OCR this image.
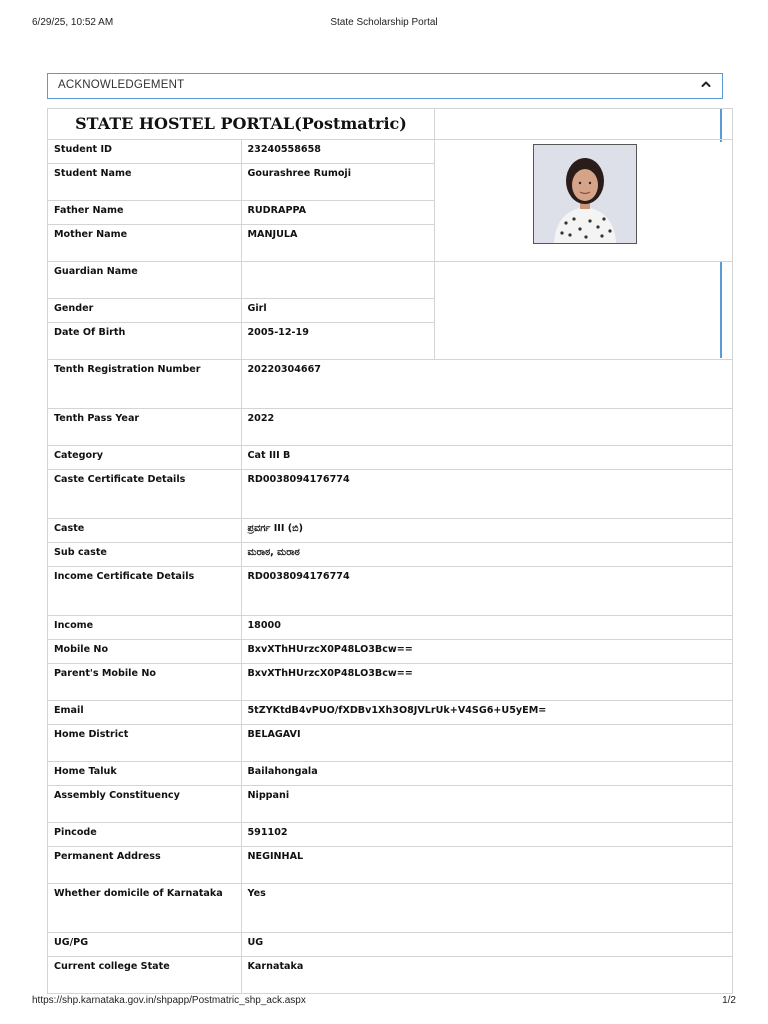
6/29/25, 10:52 AM	State Scholarship Portal
ACKNOWLEDGEMENT
STATE HOSTEL PORTAL(Postmatric)		

Student ID	23240558658	

Student Name	Gourashree Rumoji	
Father Name	RUDRAPPA	
Mother Name	MANJULA	
Guardian Name		
Gender	Girl	
Date Of Birth	2005-12-19	
Tenth Registration Number	20220304667	
Tenth Pass Year	2022	
Category	Cat III B	
Caste Certificate Details	RD0038094176774	
Caste	ಪ್ರವರ್ಗ III (ಬಿ)	
Sub caste	ಮರಾಠ, ಮರಾಠ	
Income Certificate Details	RD0038094176774	
Income	18000	
Mobile No	BxvXThHUrzcX0P48LO3Bcw==	
Parent's Mobile No	BxvXThHUrzcX0P48LO3Bcw==	
Email	5tZYKtdB4vPUO/fXDBv1Xh3O8JVLrUk+V4SG6+U5yEM=	
Home District	BELAGAVI	
Home Taluk	Bailahongala	
Assembly Constituency	Nippani	
Pincode	591102	
Permanent Address	NEGINHAL	
Whether domicile of Karnataka	Yes	
UG/PG	UG	
Current college State	Karnataka	
https://shp.karnataka.gov.in/shpapp/Postmatric_shp_ack.aspx	1/2
